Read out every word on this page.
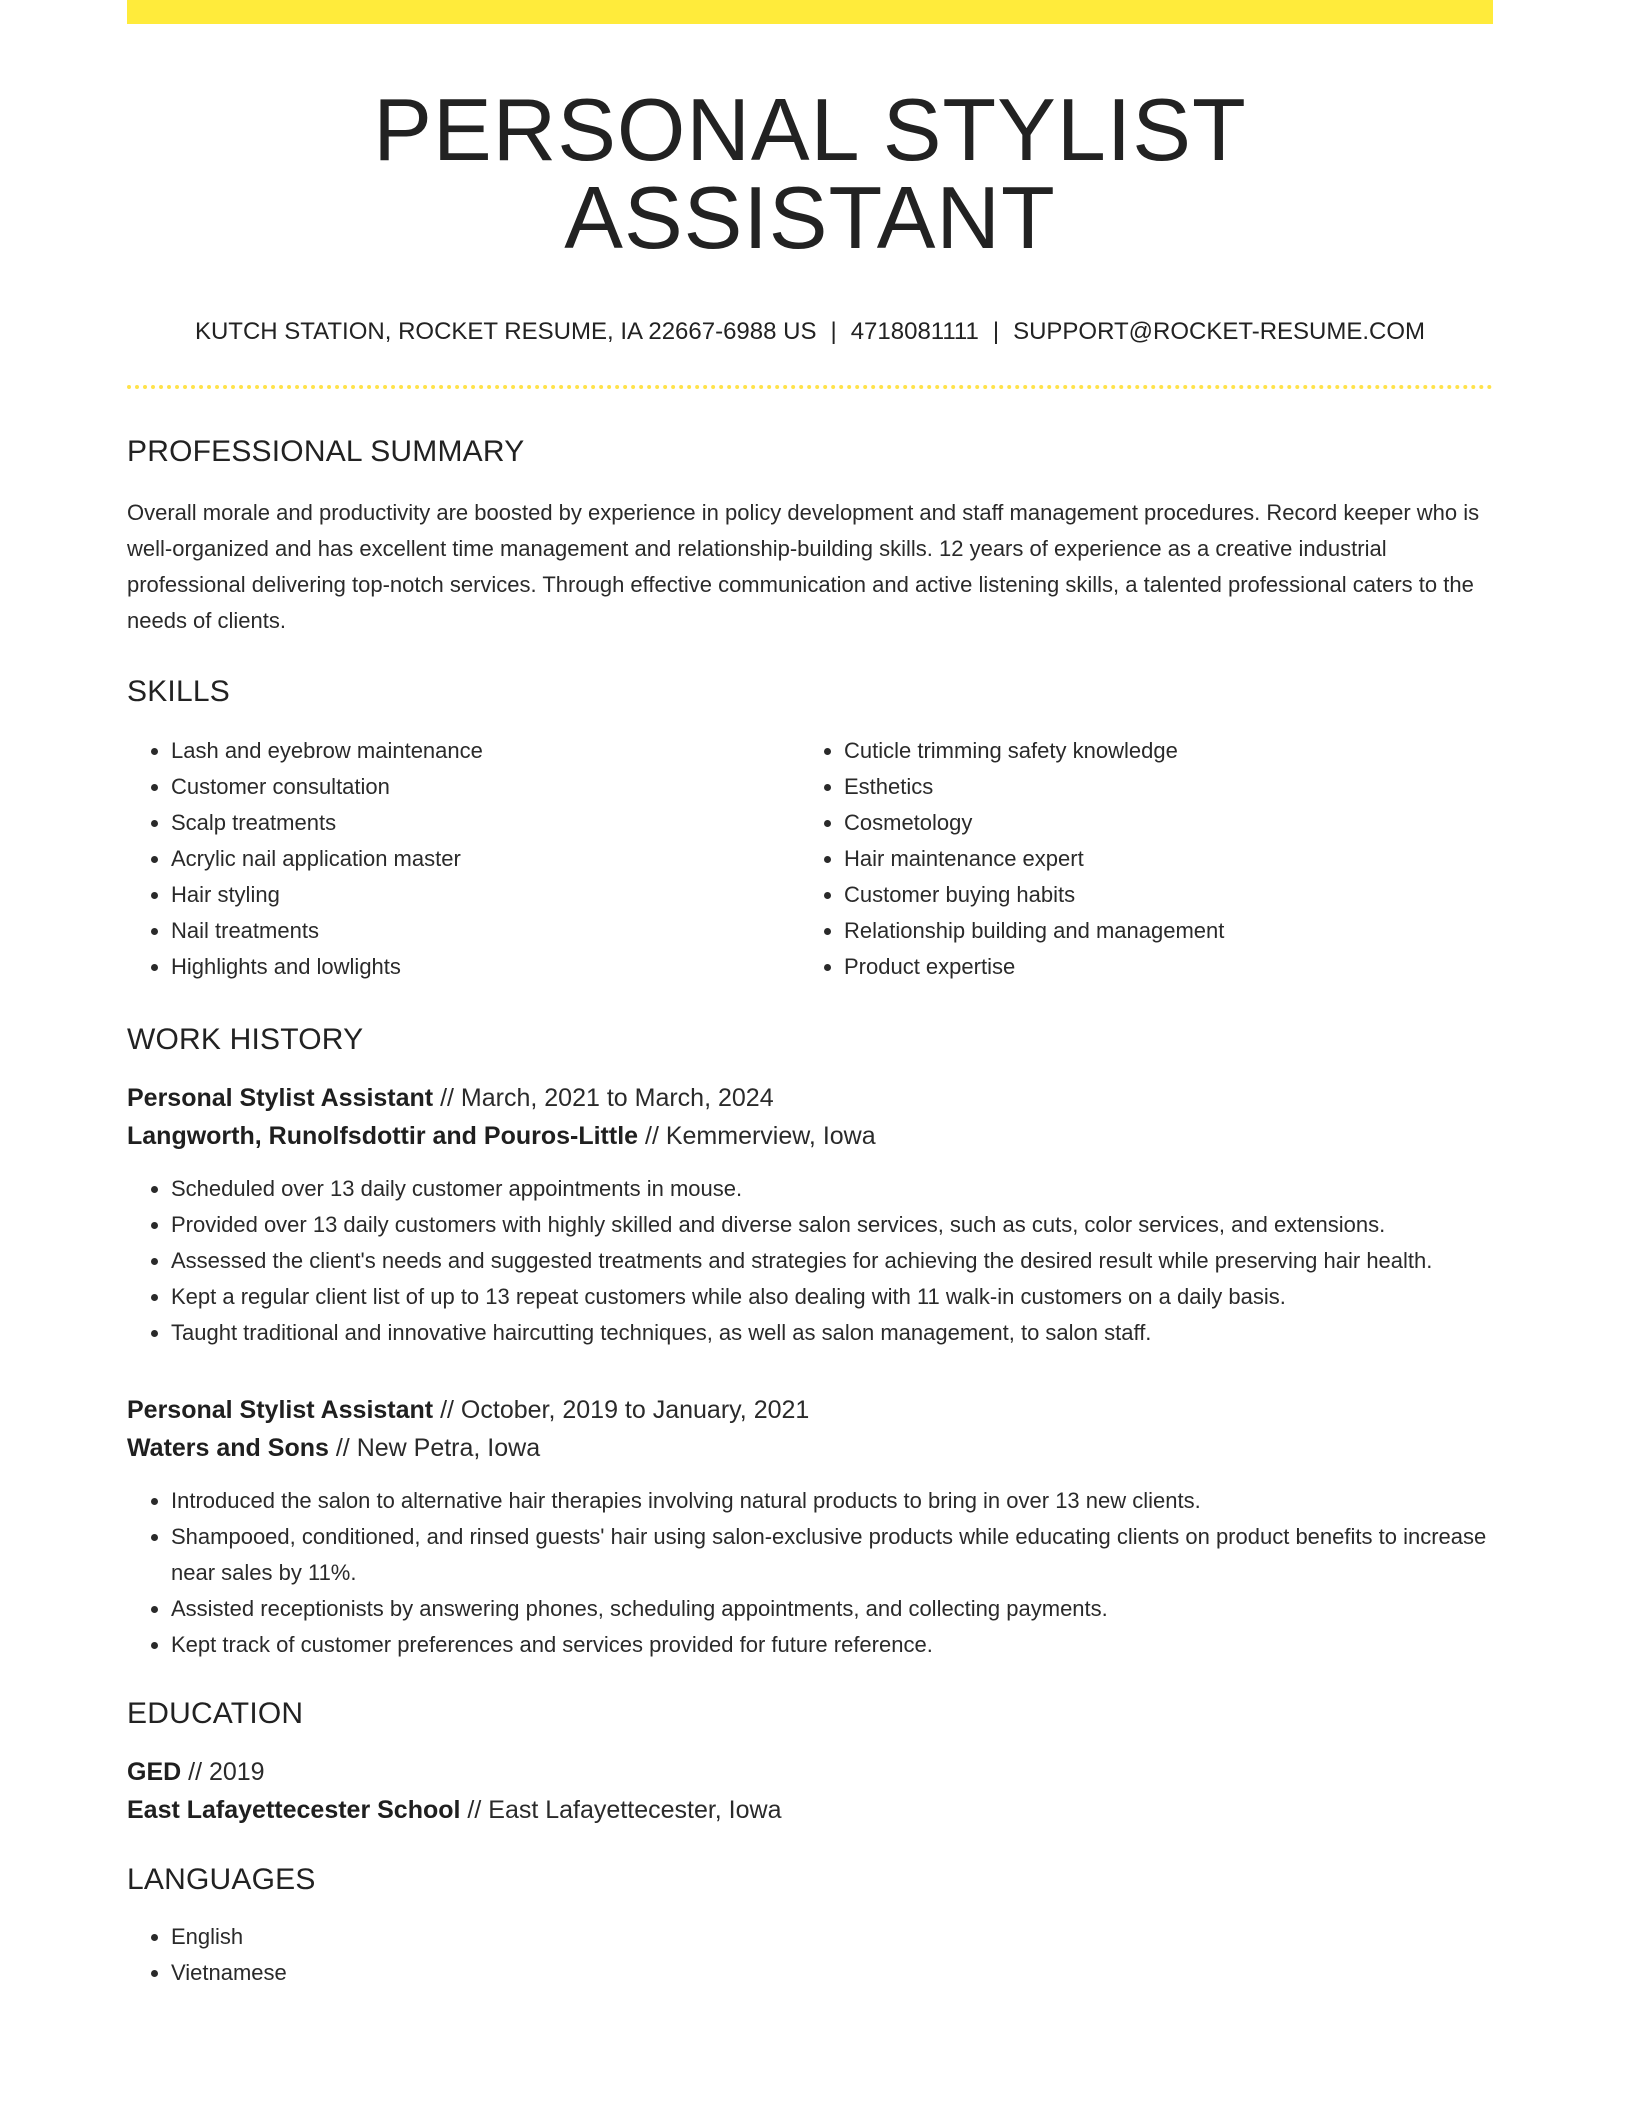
PERSONAL STYLIST ASSISTANT
KUTCH STATION, ROCKET RESUME, IA 22667-6988 US | 4718081111 | SUPPORT@ROCKET-RESUME.COM
PROFESSIONAL SUMMARY
Overall morale and productivity are boosted by experience in policy development and staff management procedures. Record keeper who is well-organized and has excellent time management and relationship-building skills. 12 years of experience as a creative industrial professional delivering top-notch services. Through effective communication and active listening skills, a talented professional caters to the needs of clients.
SKILLS
• Lash and eyebrow maintenance
• Customer consultation
• Scalp treatments
• Acrylic nail application master
• Hair styling
• Nail treatments
• Highlights and lowlights
• Cuticle trimming safety knowledge
• Esthetics
• Cosmetology
• Hair maintenance expert
• Customer buying habits
• Relationship building and management
• Product expertise
WORK HISTORY
Personal Stylist Assistant // March, 2021 to March, 2024
Langworth, Runolfsdottir and Pouros-Little // Kemmerview, Iowa
• Scheduled over 13 daily customer appointments in mouse.
• Provided over 13 daily customers with highly skilled and diverse salon services, such as cuts, color services, and extensions.
• Assessed the client's needs and suggested treatments and strategies for achieving the desired result while preserving hair health.
• Kept a regular client list of up to 13 repeat customers while also dealing with 11 walk-in customers on a daily basis.
• Taught traditional and innovative haircutting techniques, as well as salon management, to salon staff.
Personal Stylist Assistant // October, 2019 to January, 2021
Waters and Sons // New Petra, Iowa
• Introduced the salon to alternative hair therapies involving natural products to bring in over 13 new clients.
• Shampooed, conditioned, and rinsed guests' hair using salon-exclusive products while educating clients on product benefits to increase near sales by 11%.
• Assisted receptionists by answering phones, scheduling appointments, and collecting payments.
• Kept track of customer preferences and services provided for future reference.
EDUCATION
GED // 2019
East Lafayettecester School // East Lafayettecester, Iowa
LANGUAGES
• English
• Vietnamese
